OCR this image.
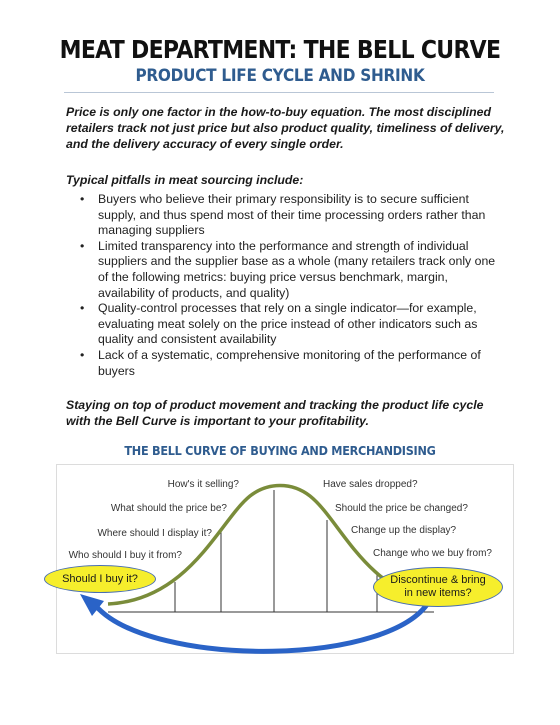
MEAT DEPARTMENT: THE BELL CURVE
PRODUCT LIFE CYCLE AND SHRINK

Price is only one factor in the how-to-buy equation. The most disciplined retailers track not just price but also product quality, timeliness of delivery, and the delivery accuracy of every single order.

Typical pitfalls in meat sourcing include:

• Buyers who believe their primary responsibility is to secure sufficient supply, and thus spend most of their time processing orders rather than managing suppliers
• Limited transparency into the performance and strength of individual suppliers and the supplier base as a whole (many retailers track only one of the following metrics: buying price versus benchmark, margin, availability of products, and quality)
• Quality-control processes that rely on a single indicator—for example, evaluating meat solely on the price instead of other indicators such as quality and consistent availability
• Lack of a systematic, comprehensive monitoring of the performance of buyers

Staying on top of product movement and tracking the product life cycle with the Bell Curve is important to your profitability.

THE BELL CURVE OF BUYING AND MERCHANDISING
How's it selling?
What should the price be?
Where should I display it?
Who should I buy it from?
Have sales dropped?
Should the price be changed?
Change up the display?
Change who we buy from?
Should I buy it?	Discontinue & bring in new items?
